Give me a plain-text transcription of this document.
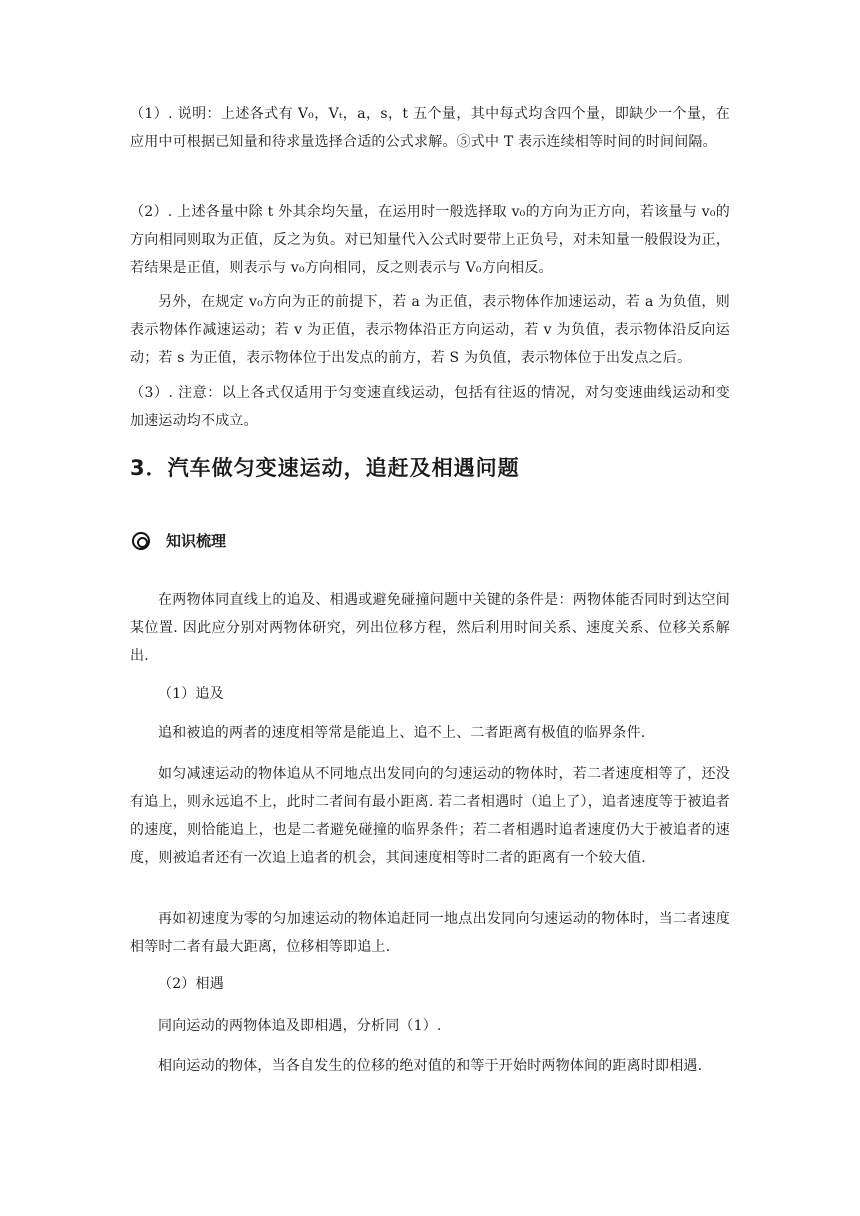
（1）. 说明：上述各式有 V₀，Vₜ，a，s，t 五个量，其中每式均含四个量，即缺少一个量，在应用中可根据已知量和待求量选择合适的公式求解。⑤式中 T 表示连续相等时间的时间间隔。
（2）. 上述各量中除 t 外其余均矢量，在运用时一般选择取 v₀的方向为正方向，若该量与 v₀的方向相同则取为正值，反之为负。对已知量代入公式时要带上正负号，对未知量一般假设为正，若结果是正值，则表示与 v₀方向相同，反之则表示与 V₀方向相反。
另外，在规定 v₀方向为正的前提下，若 a 为正值，表示物体作加速运动，若 a 为负值，则表示物体作减速运动；若 v 为正值，表示物体沿正方向运动，若 v 为负值，表示物体沿反向运动；若 s 为正值，表示物体位于出发点的前方，若 S 为负值，表示物体位于出发点之后。
（3）. 注意：以上各式仅适用于匀变速直线运动，包括有往返的情况，对匀变速曲线运动和变加速运动均不成立。
3．汽车做匀变速运动，追赶及相遇问题
知识梳理
在两物体同直线上的追及、相遇或避免碰撞问题中关键的条件是：两物体能否同时到达空间某位置. 因此应分别对两物体研究，列出位移方程，然后利用时间关系、速度关系、位移关系解出.
（1）追及
追和被追的两者的速度相等常是能追上、追不上、二者距离有极值的临界条件.
如匀减速运动的物体追从不同地点出发同向的匀速运动的物体时，若二者速度相等了，还没有追上，则永远追不上，此时二者间有最小距离. 若二者相遇时（追上了），追者速度等于被追者的速度，则恰能追上，也是二者避免碰撞的临界条件；若二者相遇时追者速度仍大于被追者的速度，则被追者还有一次追上追者的机会，其间速度相等时二者的距离有一个较大值.
再如初速度为零的匀加速运动的物体追赶同一地点出发同向匀速运动的物体时，当二者速度相等时二者有最大距离，位移相等即追上.
（2）相遇
同向运动的两物体追及即相遇，分析同（1）.
相向运动的物体，当各自发生的位移的绝对值的和等于开始时两物体间的距离时即相遇.
